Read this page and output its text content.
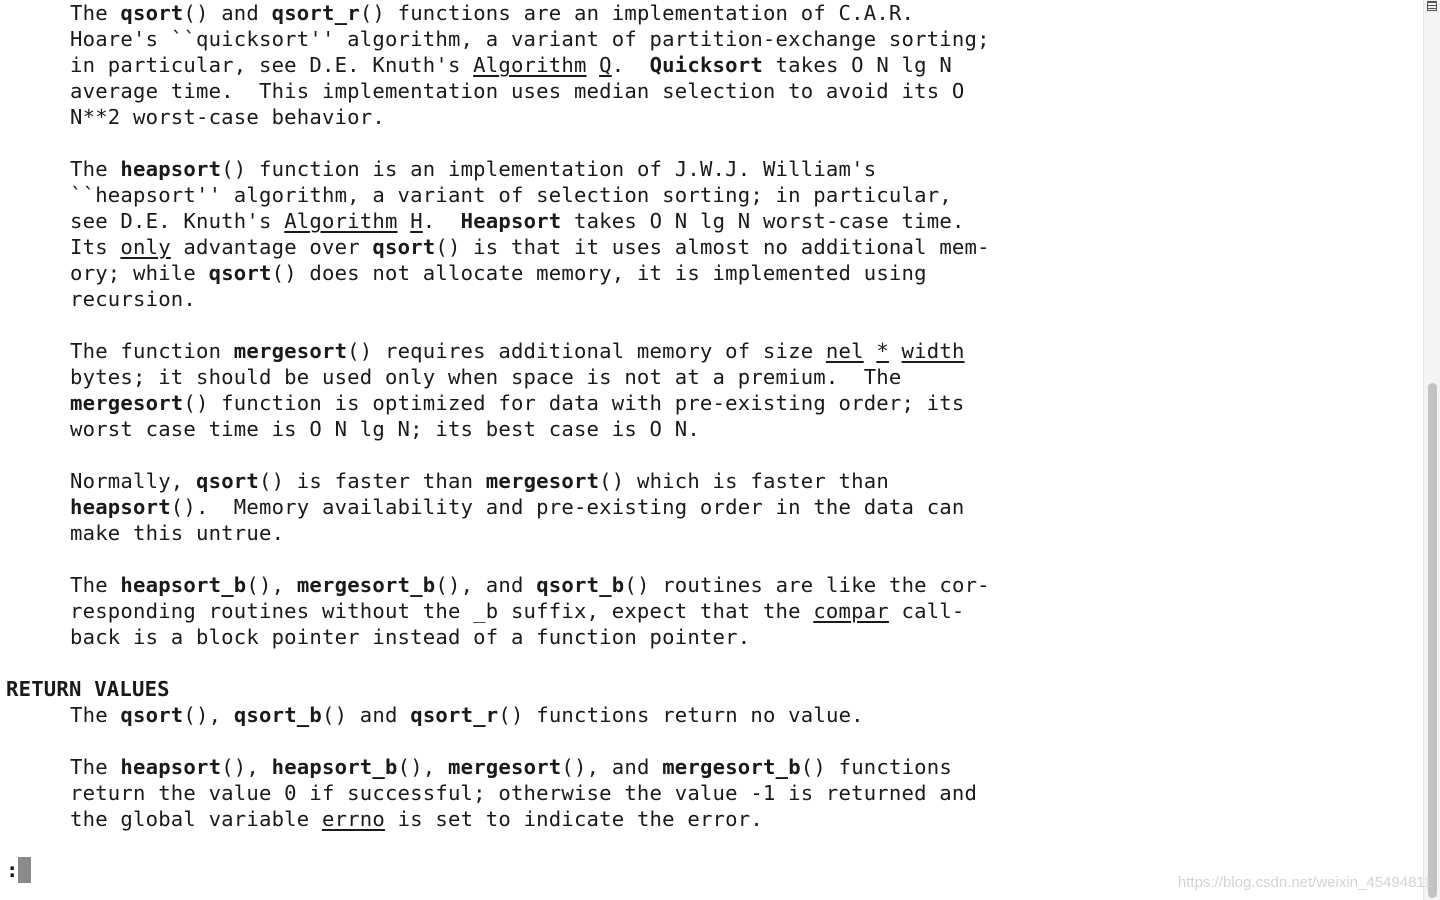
The qsort() and qsort_r() functions are an implementation of C.A.R.
Hoare's ``quicksort'' algorithm, a variant of partition-exchange sorting;
in particular, see D.E. Knuth's Algorithm Q.  Quicksort takes O N lg N
average time.  This implementation uses median selection to avoid its O
N**2 worst-case behavior.
The heapsort() function is an implementation of J.W.J. William's
``heapsort'' algorithm, a variant of selection sorting; in particular,
see D.E. Knuth's Algorithm H.  Heapsort takes O N lg N worst-case time.
Its only advantage over qsort() is that it uses almost no additional mem-
ory; while qsort() does not allocate memory, it is implemented using
recursion.
The function mergesort() requires additional memory of size nel * width
bytes; it should be used only when space is not at a premium.  The
mergesort() function is optimized for data with pre-existing order; its
worst case time is O N lg N; its best case is O N.
Normally, qsort() is faster than mergesort() which is faster than
heapsort().  Memory availability and pre-existing order in the data can
make this untrue.
The heapsort_b(), mergesort_b(), and qsort_b() routines are like the cor-
responding routines without the _b suffix, expect that the compar call-
back is a block pointer instead of a function pointer.
RETURN VALUES
The qsort(), qsort_b() and qsort_r() functions return no value.
The heapsort(), heapsort_b(), mergesort(), and mergesort_b() functions
return the value 0 if successful; otherwise the value -1 is returned and
the global variable errno is set to indicate the error.
:
https://blog.csdn.net/weixin_45494811
